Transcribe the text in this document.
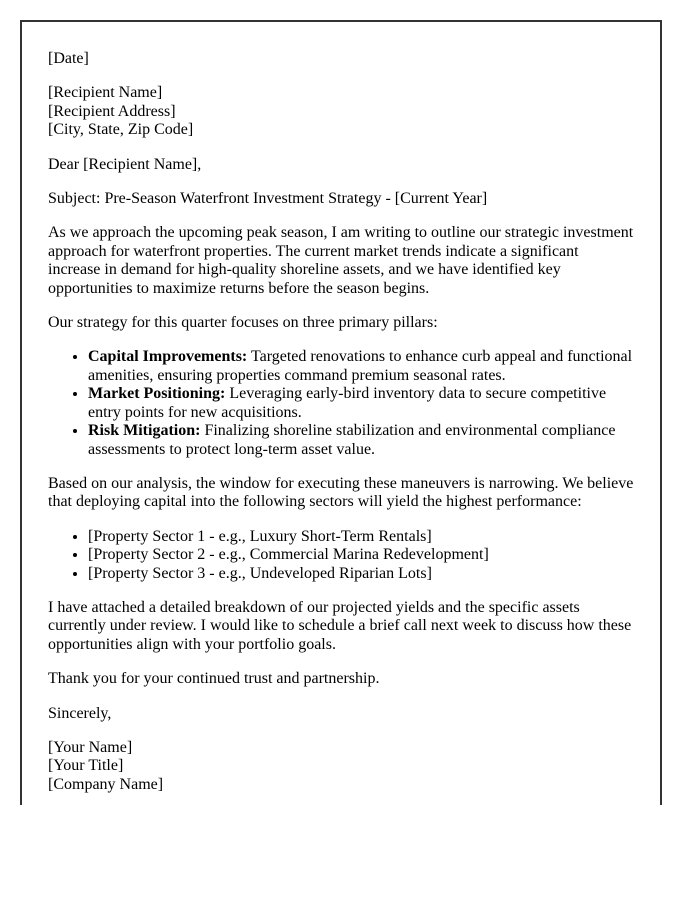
[Date]

[Recipient Name]
[Recipient Address]
[City, State, Zip Code]

Dear [Recipient Name],

Subject: Pre-Season Waterfront Investment Strategy - [Current Year]

As we approach the upcoming peak season, I am writing to outline our strategic investment approach for waterfront properties. The current market trends indicate a significant increase in demand for high-quality shoreline assets, and we have identified key opportunities to maximize returns before the season begins.

Our strategy for this quarter focuses on three primary pillars:

• Capital Improvements: Targeted renovations to enhance curb appeal and functional amenities, ensuring properties command premium seasonal rates.
• Market Positioning: Leveraging early-bird inventory data to secure competitive entry points for new acquisitions.
• Risk Mitigation: Finalizing shoreline stabilization and environmental compliance assessments to protect long-term asset value.

Based on our analysis, the window for executing these maneuvers is narrowing. We believe that deploying capital into the following sectors will yield the highest performance:

• [Property Sector 1 - e.g., Luxury Short-Term Rentals]
• [Property Sector 2 - e.g., Commercial Marina Redevelopment]
• [Property Sector 3 - e.g., Undeveloped Riparian Lots]

I have attached a detailed breakdown of our projected yields and the specific assets currently under review. I would like to schedule a brief call next week to discuss how these opportunities align with your portfolio goals.

Thank you for your continued trust and partnership.

Sincerely,

[Your Name]
[Your Title]
[Company Name]
